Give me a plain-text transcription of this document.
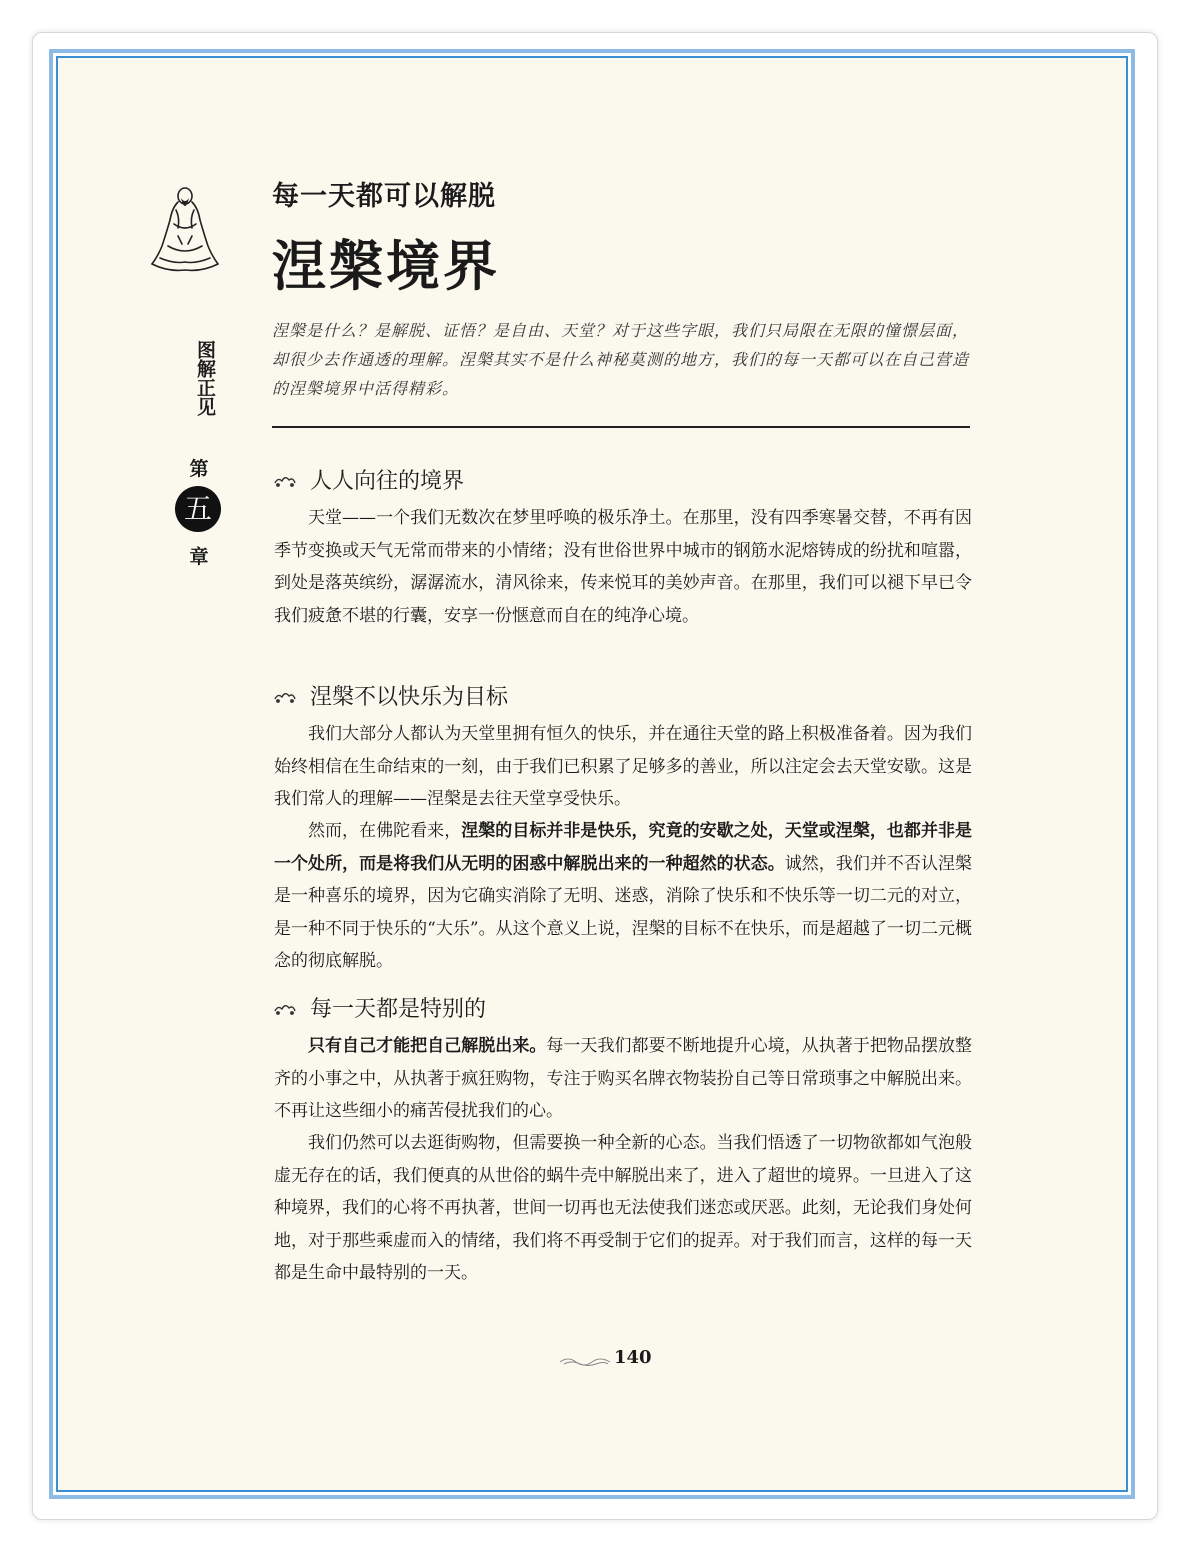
图解正见
第
五
章
每一天都可以解脱
涅槃境界
涅槃是什么？是解脱、证悟？是自由、天堂？对于这些字眼，我们只局限在无限的憧憬层面，却很少去作通透的理解。涅槃其实不是什么神秘莫测的地方，我们的每一天都可以在自己营造的涅槃境界中活得精彩。
人人向往的境界
天堂——一个我们无数次在梦里呼唤的极乐净土。在那里，没有四季寒暑交替，不再有因季节变换或天气无常而带来的小情绪；没有世俗世界中城市的钢筋水泥熔铸成的纷扰和喧嚣，到处是落英缤纷，潺潺流水，清风徐来，传来悦耳的美妙声音。在那里，我们可以褪下早已令我们疲惫不堪的行囊，安享一份惬意而自在的纯净心境。
涅槃不以快乐为目标
我们大部分人都认为天堂里拥有恒久的快乐，并在通往天堂的路上积极准备着。因为我们始终相信在生命结束的一刻，由于我们已积累了足够多的善业，所以注定会去天堂安歇。这是我们常人的理解——涅槃是去往天堂享受快乐。
然而，在佛陀看来，涅槃的目标并非是快乐，究竟的安歇之处，天堂或涅槃，也都并非是一个处所，而是将我们从无明的困惑中解脱出来的一种超然的状态。诚然，我们并不否认涅槃是一种喜乐的境界，因为它确实消除了无明、迷惑，消除了快乐和不快乐等一切二元的对立，是一种不同于快乐的“大乐”。从这个意义上说，涅槃的目标不在快乐，而是超越了一切二元概念的彻底解脱。
每一天都是特别的
只有自己才能把自己解脱出来。每一天我们都要不断地提升心境，从执著于把物品摆放整齐的小事之中，从执著于疯狂购物，专注于购买名牌衣物装扮自己等日常琐事之中解脱出来。不再让这些细小的痛苦侵扰我们的心。
我们仍然可以去逛街购物，但需要换一种全新的心态。当我们悟透了一切物欲都如气泡般虚无存在的话，我们便真的从世俗的蜗牛壳中解脱出来了，进入了超世的境界。一旦进入了这种境界，我们的心将不再执著，世间一切再也无法使我们迷恋或厌恶。此刻，无论我们身处何地，对于那些乘虚而入的情绪，我们将不再受制于它们的捉弄。对于我们而言，这样的每一天都是生命中最特别的一天。
140
